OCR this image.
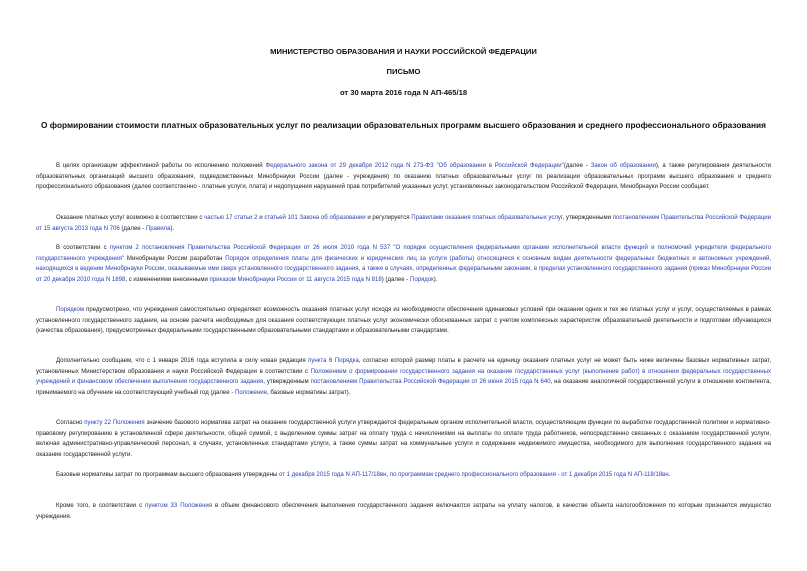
МИНИСТЕРСТВО ОБРАЗОВАНИЯ И НАУКИ РОССИЙСКОЙ ФЕДЕРАЦИИ
ПИСЬМО
от 30 марта 2016 года N АП-465/18
О формировании стоимости платных образовательных услуг по реализации образовательных программ высшего образования и среднего профессионального образования
В целях организации эффективной работы по исполнению положений Федерального закона от 29 декабря 2012 года N 273-ФЗ "Об образовании в Российской Федерации"(далее - Закон об образовании), а также регулирования деятельности образовательных организаций высшего образования, подведомственных Минобрнауки России (далее - учреждения) по оказанию платных образовательных услуг по реализации образовательных программ высшего образования и среднего профессионального образования (далее соответственно - платные услуги, плата) и недопущения нарушений прав потребителей указанных услуг, установленных законодательством Российской Федерации, Минобрнауки России сообщает.
Оказание платных услуг возможно в соответствии с частью 17 статьи 2 и статьей 101 Закона об образовании и регулируется Правилами оказания платных образовательных услуг, утвержденными постановлением Правительства Российской Федерации от 15 августа 2013 года N 706 (далее - Правила).
В соответствии с пунктом 2 постановления Правительства Российской Федерации от 26 июля 2010 года N 537 "О порядке осуществления федеральными органами исполнительной власти функций и полномочий учредителя федерального государственного учреждения" Минобрнауки России разработан Порядок определения платы для физических и юридических лиц за услуги (работы) относящиеся к основным видам деятельности федеральных бюджетных и автономных учреждений, находящихся в ведении Минобрнауки России, оказываемые ими сверх установленного государственного задания, а также в случаях, определенных федеральными законами, в пределах установленного государственного задания (приказ Минобрнауки России от 20 декабря 2010 года N 1898, с изменениями внесенными приказом Минобрнауки России от 11 августа 2015 года N 818) (далее - Порядок).
Порядком предусмотрено, что учреждения самостоятельно определяют возможность оказания платных услуг исходя из необходимости обеспечения одинаковых условий при оказании одних и тех же платных услуг и услуг, осуществляемых в рамках установленного государственного задания, на основе расчета необходимых для оказания соответствующих платных услуг экономически обоснованных затрат с учетом комплексных характеристик образовательной деятельности и подготовки обучающихся (качества образования), предусмотренных федеральными государственными образовательными стандартами и образовательными стандартами.
Дополнительно сообщаем, что с 1 января 2016 года вступила в силу новая редакция пункта 6 Порядка, согласно которой размер платы в расчете на единицу оказания платных услуг не может быть ниже величины базовых нормативных затрат, установленных Министерством образования и науки Российской Федерации в соответствии с Положением о формировании государственного задания на оказание государственных услуг (выполнение работ) в отношении федеральных государственных учреждений и финансовом обеспечении выполнения государственного задания, утвержденным постановлением Правительства Российской Федерации от 26 июня 2015 года N 640, на оказание аналогичной государственной услуги в отношении контингента, принимаемого на обучение на соответствующий учебный год (далее - Положение, базовые нормативы затрат).
Согласно пункту 22 Положения значение базового норматива затрат на оказание государственной услуги утверждается федеральным органом исполнительной власти, осуществляющим функции по выработке государственной политики и нормативно-правовому регулированию в установленной сфере деятельности, общей суммой, с выделением суммы затрат на оплату труда с начислениями на выплаты по оплате труда работников, непосредственно связанных с оказанием государственной услуги, включая административно-управленческий персонал, в случаях, установленных стандартами услуги, а также суммы затрат на коммунальные услуги и содержание недвижимого имущества, необходимого для выполнения государственного задания на оказание государственной услуги.
Базовые нормативы затрат по программам высшего образования утверждены от 1 декабря 2015 года N АП-117/18вн, по программам среднего профессионального образования - от 1 декабря 2015 года N АП-118/18вн.
Кроме того, в соответствии с пунктом 33 Положения в объем финансового обеспечения выполнения государственного задания включаются затраты на уплату налогов, в качестве объекта налогообложения по которым признается имущество учреждения.
